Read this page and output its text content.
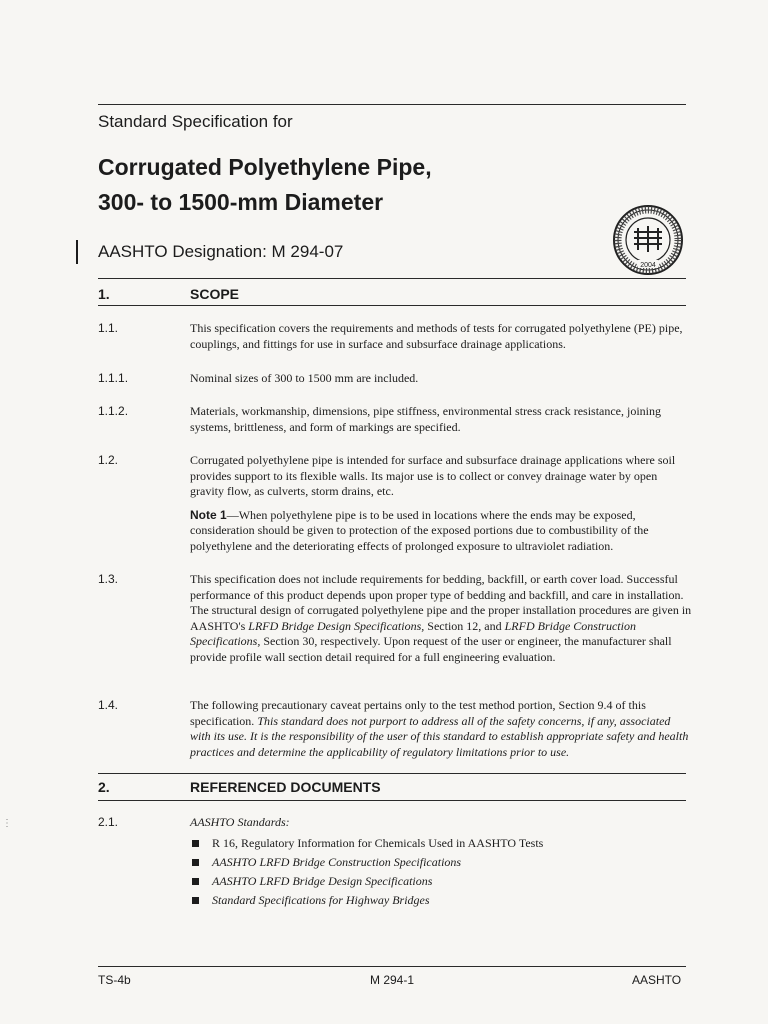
Standard Specification for
Corrugated Polyethylene Pipe,
300- to 1500-mm Diameter
AASHTO Designation: M 294-07
2004
1.	SCOPE
1.1.	This specification covers the requirements and methods of tests for corrugated polyethylene (PE) pipe, couplings, and fittings for use in surface and subsurface drainage applications.
1.1.1.	Nominal sizes of 300 to 1500 mm are included.
1.1.2.	Materials, workmanship, dimensions, pipe stiffness, environmental stress crack resistance, joining systems, brittleness, and form of markings are specified.
1.2.	Corrugated polyethylene pipe is intended for surface and subsurface drainage applications where soil provides support to its flexible walls. Its major use is to collect or convey drainage water by open gravity flow, as culverts, storm drains, etc.
Note 1—When polyethylene pipe is to be used in locations where the ends may be exposed, consideration should be given to protection of the exposed portions due to combustibility of the polyethylene and the deteriorating effects of prolonged exposure to ultraviolet radiation.
1.3.	This specification does not include requirements for bedding, backfill, or earth cover load. Successful performance of this product depends upon proper type of bedding and backfill, and care in installation. The structural design of corrugated polyethylene pipe and the proper installation procedures are given in AASHTO's LRFD Bridge Design Specifications, Section 12, and LRFD Bridge Construction Specifications, Section 30, respectively. Upon request of the user or engineer, the manufacturer shall provide profile wall section detail required for a full engineering evaluation.
1.4.	The following precautionary caveat pertains only to the test method portion, Section 9.4 of this specification. This standard does not purport to address all of the safety concerns, if any, associated with its use. It is the responsibility of the user of this standard to establish appropriate safety and health practices and determine the applicability of regulatory limitations prior to use.
2.	REFERENCED DOCUMENTS
2.1.	AASHTO Standards:
R 16, Regulatory Information for Chemicals Used in AASHTO Tests
AASHTO LRFD Bridge Construction Specifications
AASHTO LRFD Bridge Design Specifications
Standard Specifications for Highway Bridges
TS-4b	M 294-1	AASHTO
⋮
